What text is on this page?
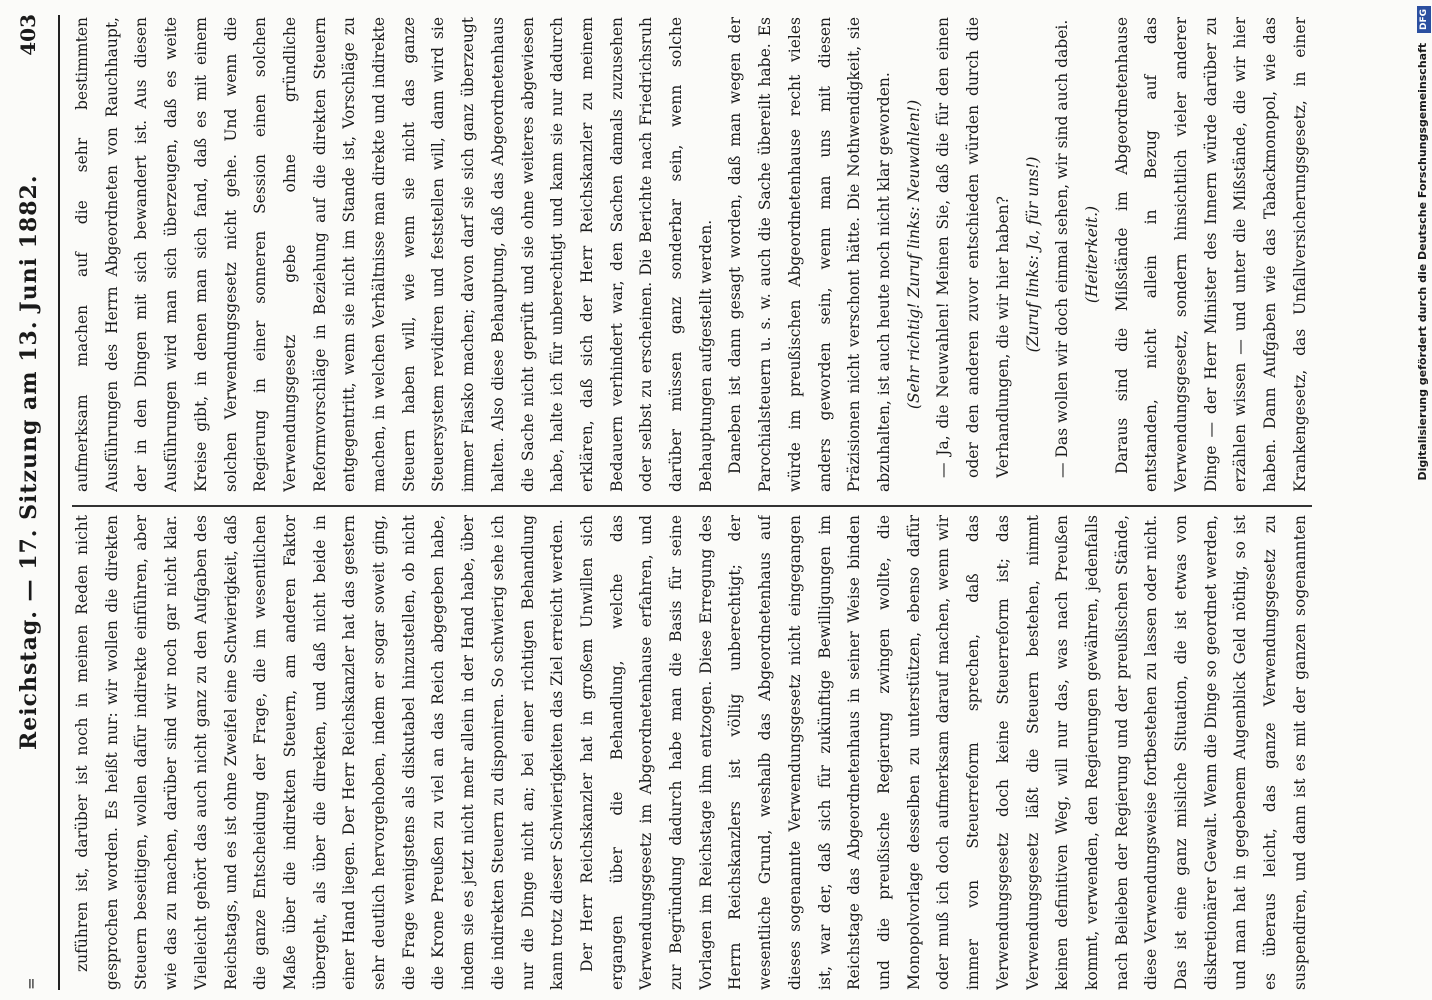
=
Reichstag. — 17. Sitzung am 13. Juni 1882.
403

zuführen ist, darüber ist noch in meinen Reden nicht gesprochen worden. Es heißt nur: wir wollen die direkten Steuern beseitigen, wollen dafür indirekte einführen, aber wie das zu machen, darüber sind wir noch gar nicht klar. Vielleicht gehört das auch nicht ganz zu den Aufgaben des Reichstags, und es ist ohne Zweifel eine Schwierigkeit, daß die ganze Entscheidung der Frage, die im wesentlichen Maße über die indirekten Steuern, am anderen Faktor übergeht, als über die direkten, und daß nicht beide in einer Hand liegen. Der Herr Reichskanzler hat das gestern sehr deutlich hervorgehoben, indem er sogar soweit ging, die Frage wenigstens als diskutabel hinzustellen, ob nicht die Krone Preußen zu viel an das Reich abgegeben habe, indem sie es jetzt nicht mehr allein in der Hand habe, über die indirekten Steuern zu disponiren. So schwierig sehe ich nur die Dinge nicht an; bei einer richtigen Behandlung kann trotz dieser Schwierigkeiten das Ziel erreicht werden. Der Herr Reichskanzler hat in großem Unwillen sich ergangen über die Behandlung, welche das Verwendungsgesetz im Abgeordnetenhause erfahren, und zur Begründung dadurch habe man die Basis für seine Vorlagen im Reichstage ihm entzogen. Diese Erregung des Herrn Reichskanzlers ist völlig unberechtigt; der wesentliche Grund, weshalb das Abgeordnetenhaus auf dieses sogenannte Verwendungsgesetz nicht eingegangen ist, war der, daß sich für zukünftige Bewilligungen im Reichstage das Abgeordnetenhaus in seiner Weise binden und die preußische Regierung zwingen wollte, die Monopolvorlage desselben zu unterstützen, ebenso dafür oder muß ich doch aufmerksam darauf machen, wenn wir immer von Steuerreform sprechen, daß das Verwendungsgesetz doch keine Steuerreform ist; das Verwendungsgesetz läßt die Steuern bestehen, nimmt keinen definitiven Weg, will nur das, was nach Preußen kommt, verwenden, den Regierungen gewähren, jedenfalls nach Belieben der Regierung und der preußischen Stände, diese Verwendungsweise fortbestehen zu lassen oder nicht. Das ist eine ganz misliche Situation, die ist etwas von diskretionärer Gewalt. Wenn die Dinge so geordnet werden, und man hat in gegebenem Augenblick Geld nöthig, so ist es überaus leicht, das ganze Verwendungsgesetz zu suspendiren, und dann ist es mit der ganzen sogenannten

aufmerksam machen auf die sehr bestimmten Ausführungen des Herrn Abgeordneten von Rauchhaupt, der in den Dingen mit sich bewandert ist. Aus diesen Ausführungen wird man sich überzeugen, daß es weite Kreise gibt, in denen man sich fand, daß es mit einem solchen Verwendungsgesetz nicht gehe. Und wenn die Regierung in einer sonneren Session einen solchen Verwendungsgesetz gebe ohne gründliche Reformvorschläge in Beziehung auf die direkten Steuern entgegentritt, wenn sie nicht im Stande ist, Vorschläge zu machen, in welchen Verhältnisse man direkte und indirekte Steuern haben will, wie wenn sie nicht das ganze Steuersystem revidiren und feststellen will, dann wird sie immer Fiasko machen; davon darf sie sich ganz überzeugt halten. Also diese Behauptung, daß das Abgeordnetenhaus die Sache nicht geprüft und sie ohne weiteres abgewiesen habe, halte ich für unberechtigt und kann sie nur dadurch erklären, daß sich der Herr Reichskanzler zu meinem Bedauern verhindert war, den Sachen damals zuzusehen oder selbst zu erscheinen. Die Berichte nach Friedrichsruh darüber müssen ganz sonderbar sein, wenn solche Behauptungen aufgestellt werden. Daneben ist dann gesagt worden, daß man wegen der Parochialsteuern u. s. w. auch die Sache übereilt habe. Es würde im preußischen Abgeordnetenhause recht vieles anders geworden sein, wenn man uns mit diesen Präzisionen nicht verschont hätte. Die Nothwendigkeit, sie abzuhalten, ist auch heute noch nicht klar geworden. (Sehr richtig! Zuruf links: Neuwahlen!) — Ja, die Neuwahlen! Meinen Sie, daß die für den einen oder den anderen zuvor entschieden würden durch die Verhandlungen, die wir hier haben? (Zuruf links: Ja, für uns!) — Das wollen wir doch einmal sehen, wir sind auch dabei. (Heiterkeit.)

Daraus sind die Mißstände im Abgeordnetenhause entstanden, nicht allein in Bezug auf das Verwendungsgesetz, sondern hinsichtlich vieler anderer Dinge — der Herr Minister des Innern würde darüber zu erzählen wissen — und unter die Mißstände, die wir hier haben. Dann Aufgaben wie das Tabackmonopol, wie das Krankengesetz, das Unfallversicherungsgesetz, in einer

Digitalisierung gefördert durch die Deutsche Forschungsgemeinschaft DFG
